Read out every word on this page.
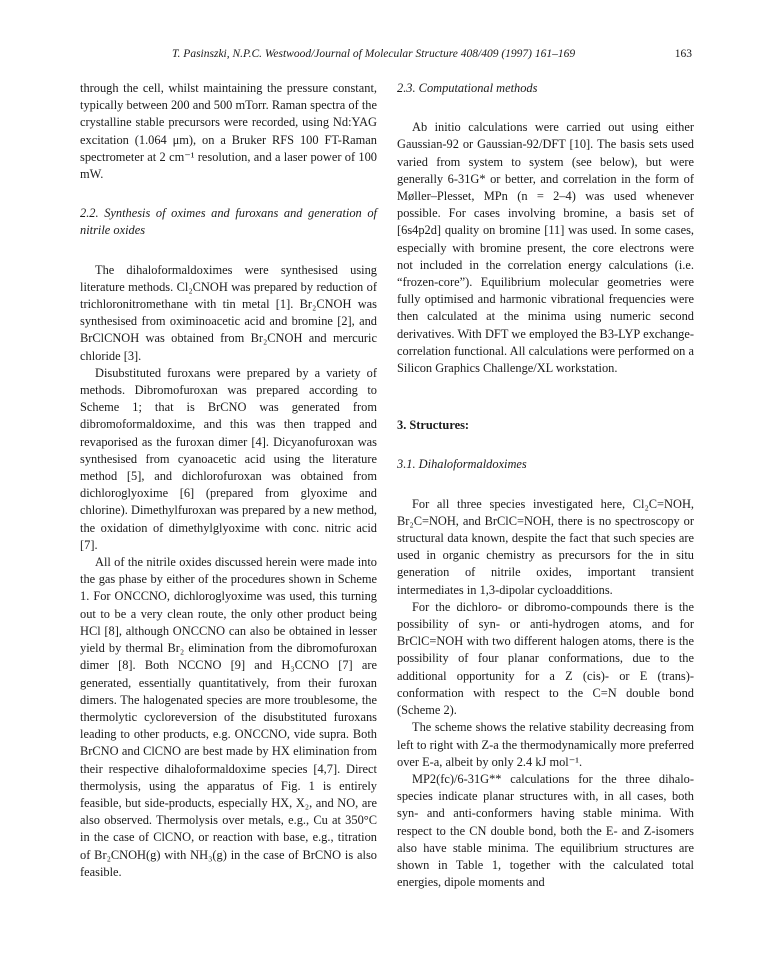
T. Pasinszki, N.P.C. Westwood/Journal of Molecular Structure 408/409 (1997) 161–169	163

through the cell, whilst maintaining the pressure constant, typically between 200 and 500 mTorr. Raman spectra of the crystalline stable precursors were recorded, using Nd:YAG excitation (1.064 μm), on a Bruker RFS 100 FT-Raman spectrometer at 2 cm⁻¹ resolution, and a laser power of 100 mW.

2.2. Synthesis of oximes and furoxans and generation of nitrile oxides

The dihaloformaldoximes were synthesised using literature methods. Cl₂CNOH was prepared by reduction of trichloronitromethane with tin metal [1]. Br₂CNOH was synthesised from oximinoacetic acid and bromine [2], and BrClCNOH was obtained from Br₂CNOH and mercuric chloride [3].

Disubstituted furoxans were prepared by a variety of methods. Dibromofuroxan was prepared according to Scheme 1; that is BrCNO was generated from dibromoformaldoxime, and this was then trapped and revaporised as the furoxan dimer [4]. Dicyanofuroxan was synthesised from cyanoacetic acid using the literature method [5], and dichlorofuroxan was obtained from dichloroglyoxime [6] (prepared from glyoxime and chlorine). Dimethylfuroxan was prepared by a new method, the oxidation of dimethylglyoxime with conc. nitric acid [7].

All of the nitrile oxides discussed herein were made into the gas phase by either of the procedures shown in Scheme 1. For ONCCNO, dichloroglyoxime was used, this turning out to be a very clean route, the only other product being HCl [8], although ONCCNO can also be obtained in lesser yield by thermal Br₂ elimination from the dibromofuroxan dimer [8]. Both NCCNO [9] and H₃CCNO [7] are generated, essentially quantitatively, from their furoxan dimers. The halogenated species are more troublesome, the thermolytic cycloreversion of the disubstituted furoxans leading to other products, e.g. ONCCNO, vide supra. Both BrCNO and ClCNO are best made by HX elimination from their respective dihaloformaldoxime species [4,7]. Direct thermolysis, using the apparatus of Fig. 1 is entirely feasible, but side-products, especially HX, X₂, and NO, are also observed. Thermolysis over metals, e.g., Cu at 350°C in the case of ClCNO, or reaction with base, e.g., titration of Br₂CNOH(g) with NH₃(g) in the case of BrCNO is also feasible.

2.3. Computational methods

Ab initio calculations were carried out using either Gaussian-92 or Gaussian-92/DFT [10]. The basis sets used varied from system to system (see below), but were generally 6-31G* or better, and correlation in the form of Møller–Plesset, MPn (n = 2–4) was used whenever possible. For cases involving bromine, a basis set of [6s4p2d] quality on bromine [11] was used. In some cases, especially with bromine present, the core electrons were not included in the correlation energy calculations (i.e. “frozen-core”). Equilibrium molecular geometries were fully optimised and harmonic vibrational frequencies were then calculated at the minima using numeric second derivatives. With DFT we employed the B3-LYP exchange-correlation functional. All calculations were performed on a Silicon Graphics Challenge/XL workstation.

3. Structures:

3.1. Dihaloformaldoximes

For all three species investigated here, Cl₂C=NOH, Br₂C=NOH, and BrClC=NOH, there is no spectroscopy or structural data known, despite the fact that such species are used in organic chemistry as precursors for the in situ generation of nitrile oxides, important transient intermediates in 1,3-dipolar cycloadditions.

For the dichloro- or dibromo-compounds there is the possibility of syn- or anti-hydrogen atoms, and for BrClC=NOH with two different halogen atoms, there is the possibility of four planar conformations, due to the additional opportunity for a Z (cis)- or E (trans)-conformation with respect to the C=N double bond (Scheme 2).

The scheme shows the relative stability decreasing from left to right with Z-a the thermodynamically more preferred over E-a, albeit by only 2.4 kJ mol⁻¹.

MP2(fc)/6-31G** calculations for the three dihalo-species indicate planar structures with, in all cases, both syn- and anti-conformers having stable minima. With respect to the CN double bond, both the E- and Z-isomers also have stable minima. The equilibrium structures are shown in Table 1, together with the calculated total energies, dipole moments and
